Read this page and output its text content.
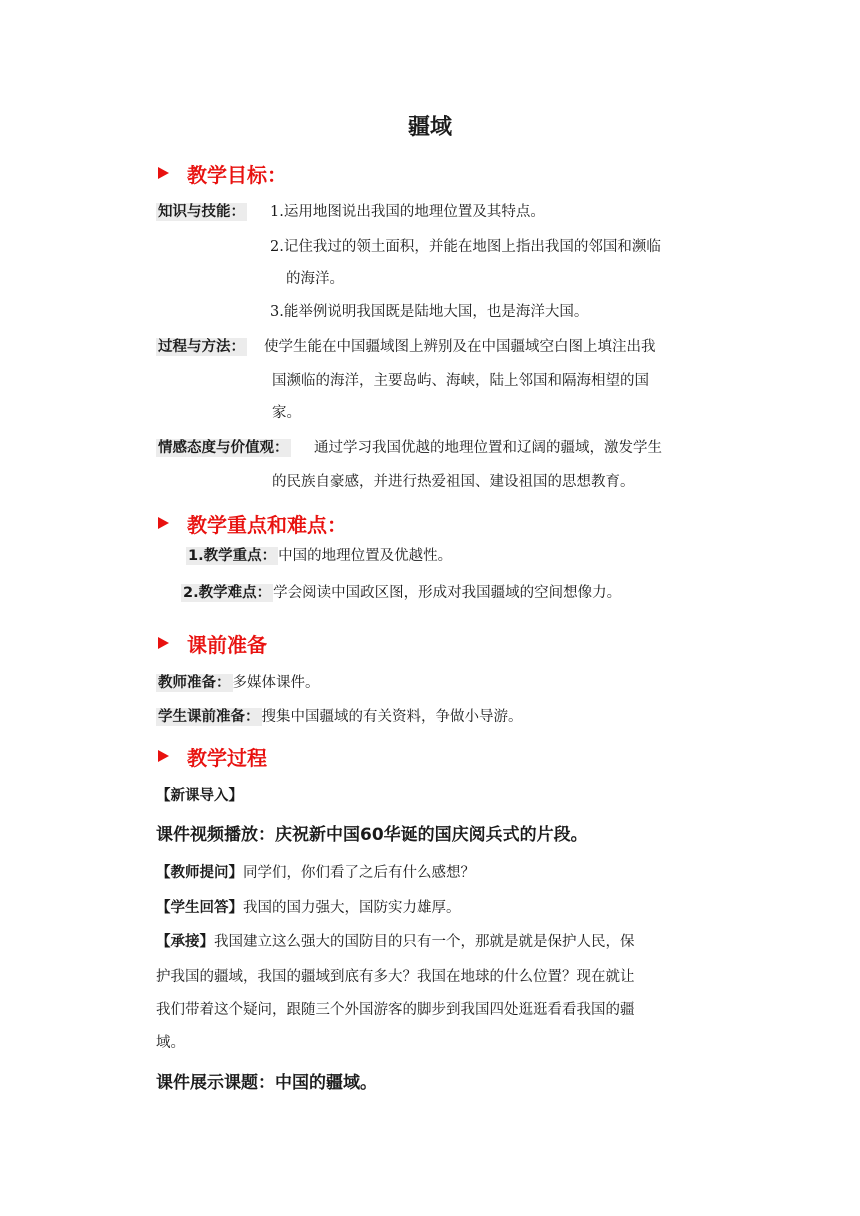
疆域
教学目标：
知识与技能： 1.运用地图说出我国的地理位置及其特点。
2.记住我过的领土面积，并能在地图上指出我国的邻国和濒临
的海洋。
3.能举例说明我国既是陆地大国，也是海洋大国。
过程与方法： 使学生能在中国疆域图上辨别及在中国疆域空白图上填注出我
国濒临的海洋，主要岛屿、海峡，陆上邻国和隔海相望的国
家。
情感态度与价值观： 通过学习我国优越的地理位置和辽阔的疆域，激发学生
的民族自豪感，并进行热爱祖国、建设祖国的思想教育。
教学重点和难点：
1.教学重点： 中国的地理位置及优越性。
2.教学难点： 学会阅读中国政区图，形成对我国疆域的空间想像力。
课前准备
教师准备： 多媒体课件。
学生课前准备： 搜集中国疆域的有关资料，争做小导游。
教学过程
【新课导入】
课件视频播放：庆祝新中国60华诞的国庆阅兵式的片段。
【教师提问】同学们，你们看了之后有什么感想？
【学生回答】我国的国力强大，国防实力雄厚。
【承接】我国建立这么强大的国防目的只有一个，那就是就是保护人民，保
护我国的疆域，我国的疆域到底有多大？我国在地球的什么位置？现在就让
我们带着这个疑问，跟随三个外国游客的脚步到我国四处逛逛看看我国的疆
域。
课件展示课题：中国的疆域。
